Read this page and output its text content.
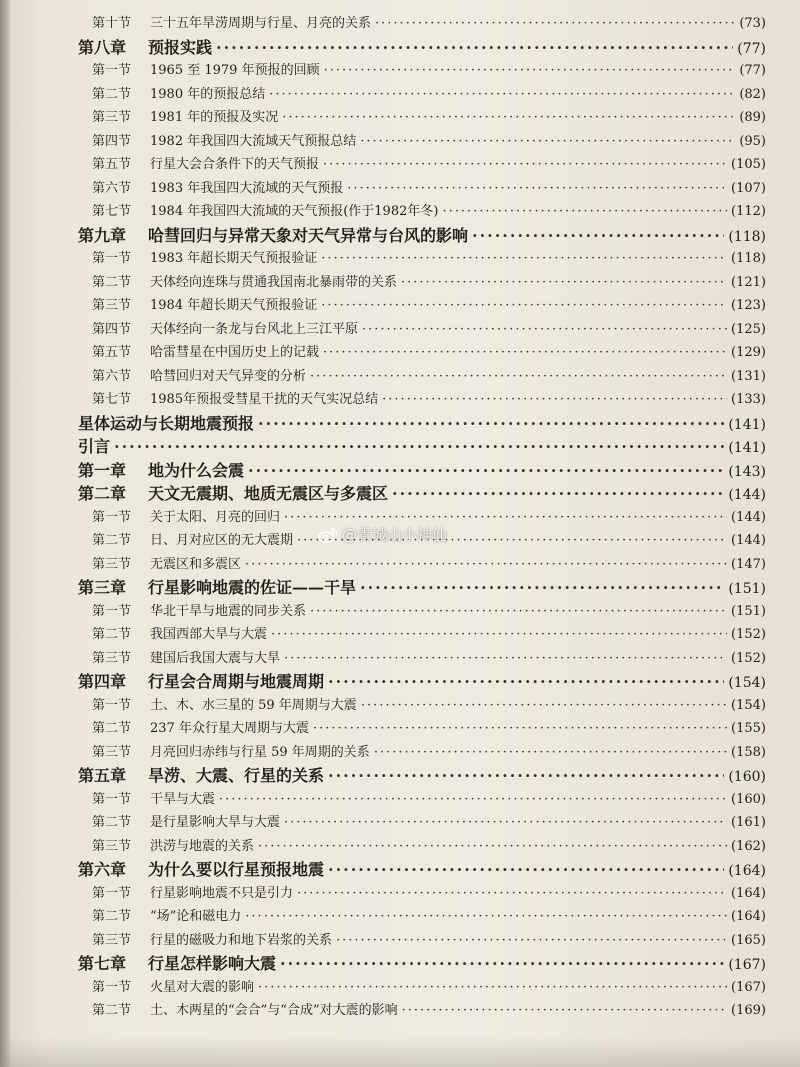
第十节	三十五年旱涝周期与行星、月亮的关系 ·····	(73)
第八章	预报实践 ·····	(77)
第一节	1965 至 1979 年预报的回顾 ·····	(77)
第二节	1980 年的预报总结 ·····	(82)
第三节	1981 年的预报及实况 ·····	(89)
第四节	1982 年我国四大流域天气预报总结 ·····	(95)
第五节	行星大会合条件下的天气预报 ·····	(105)
第六节	1983 年我国四大流域的天气预报 ·····	(107)
第七节	1984 年我国四大流域的天气预报(作于1982年冬) ·····	(112)
第九章	哈彗回归与异常天象对天气异常与台风的影响 ·····	(118)
第一节	1983 年超长期天气预报验证 ·····	(118)
第二节	天体经向连珠与贯通我国南北暴雨带的关系 ·····	(121)
第三节	1984 年超长期天气预报验证 ·····	(123)
第四节	天体经向一条龙与台风北上三江平原 ·····	(125)
第五节	哈雷彗星在中国历史上的记载 ·····	(129)
第六节	哈彗回归对天气异变的分析 ·····	(131)
第七节	1985年预报受彗星干扰的天气实况总结 ·····	(133)
星体运动与长期地震预报 ·····	(141)
引言 ·····	(141)
第一章	地为什么会震 ·····	(143)
第二章	天文无震期、地质无震区与多震区 ·····	(144)
第一节	关于太阳、月亮的回归 ·····	(144)
第二节	日、月对应区的无大震期 ·····	(144)
第三节	无震区和多震区 ·····	(147)
第三章	行星影响地震的佐证——干旱 ·····	(151)
第一节	华北干旱与地震的同步关系 ·····	(151)
第二节	我国西部大旱与大震 ·····	(152)
第三节	建国后我国大震与大旱 ·····	(152)
第四章	行星会合周期与地震周期 ·····	(154)
第一节	土、木、水三星的 59 年周期与大震 ·····	(154)
第二节	237 年众行星大周期与大震 ·····	(155)
第三节	月亮回归赤纬与行星 59 年周期的关系 ·····	(158)
第五章	旱涝、大震、行星的关系 ·····	(160)
第一节	干旱与大震 ·····	(160)
第二节	是行星影响大旱与大震 ·····	(161)
第三节	洪涝与地震的关系 ·····	(162)
第六章	为什么要以行星预报地震 ·····	(164)
第一节	行星影响地震不只是引力 ·····	(164)
第二节	“场”论和磁电力 ·····	(164)
第三节	行星的磁吸力和地下岩浆的关系 ·····	(165)
第七章	行星怎样影响大震 ·····	(167)
第一节	火星对大震的影响 ·····	(167)
第二节	土、木两星的“会合”与“合成”对大震的影响 ·····	(169)
@青城山小神仙
